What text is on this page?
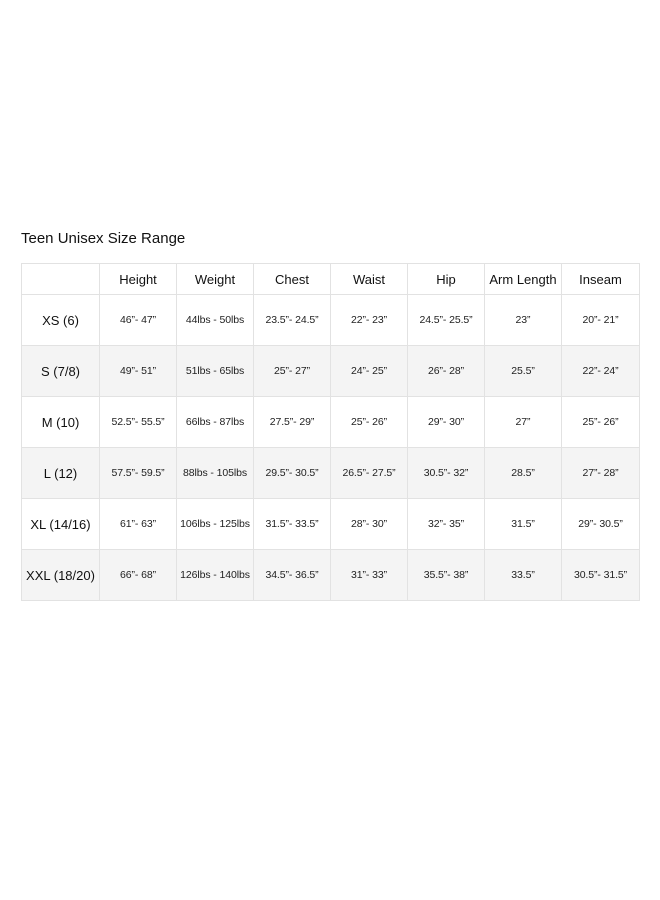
Teen Unisex Size Range
	Height	Weight	Chest	Waist	Hip	Arm Length	Inseam
XS (6)	46”- 47”	44lbs - 50lbs	23.5”- 24.5”	22”- 23”	24.5”- 25.5”	23”	20”- 21”
S (7/8)	49”- 51”	51lbs - 65lbs	25”- 27”	24”- 25”	26”- 28”	25.5”	22”- 24”
M (10)	52.5”- 55.5”	66lbs - 87lbs	27.5”- 29”	25”- 26”	29”- 30”	27”	25”- 26”
L (12)	57.5”- 59.5”	88lbs - 105lbs	29.5”- 30.5”	26.5”- 27.5”	30.5”- 32”	28.5”	27”- 28”
XL (14/16)	61”- 63”	106lbs - 125lbs	31.5”- 33.5”	28”- 30”	32”- 35”	31.5”	29”- 30.5”
XXL (18/20)	66”- 68”	126lbs - 140lbs	34.5”- 36.5”	31”- 33”	35.5”- 38”	33.5”	30.5”- 31.5”
